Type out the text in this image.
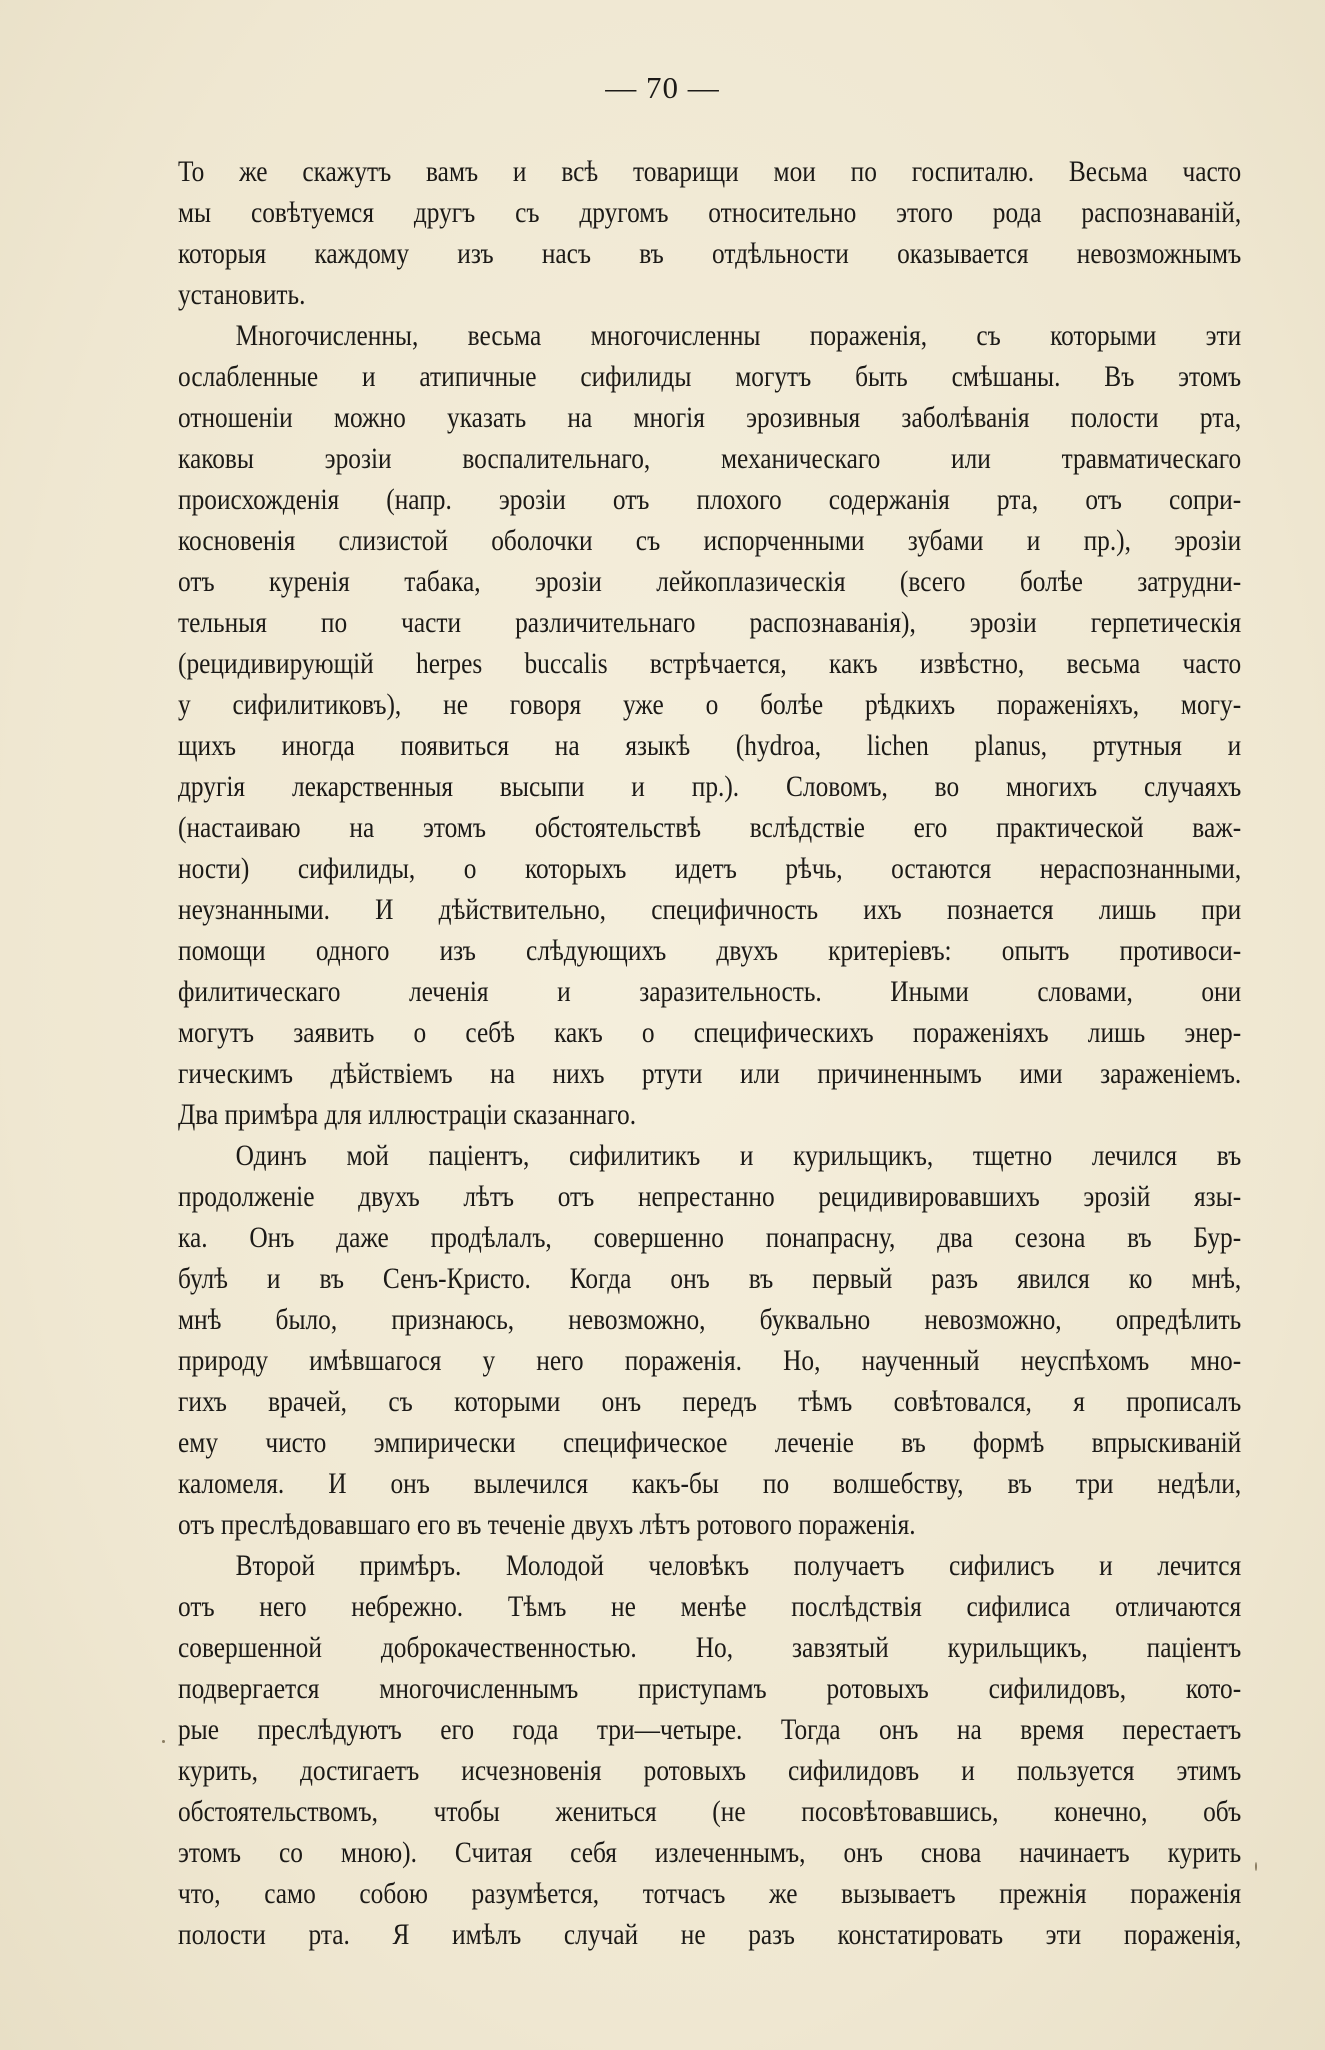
— 70 —
То же скажутъ вамъ и всѣ товарищи мои по госпиталю. Весьма часто
мы совѣтуемся другъ съ другомъ относительно этого рода распознаваній,
которыя каждому изъ насъ въ отдѣльности оказывается невозможнымъ
установить.
Многочисленны, весьма многочисленны пораженія, съ которыми эти
ослабленные и атипичные сифилиды могутъ быть смѣшаны. Въ этомъ
отношеніи можно указать на многія эрозивныя заболѣванія полости рта,
каковы эрозіи воспалительнаго, механическаго или травматическаго
происхожденія (напр. эрозіи отъ плохого содержанія рта, отъ сопри-
косновенія слизистой оболочки съ испорченными зубами и пр.), эрозіи
отъ куренія табака, эрозіи лейкоплазическія (всего болѣе затрудни-
тельныя по части различительнаго распознаванія), эрозіи герпетическія
(рецидивирующій herpes buccalis встрѣчается, какъ извѣстно, весьма часто
у сифилитиковъ), не говоря уже о болѣе рѣдкихъ пораженіяхъ, могу-
щихъ иногда появиться на языкѣ (hydroa, lichen planus, ртутныя и
другія лекарственныя высыпи и пр.). Словомъ, во многихъ случаяхъ
(настаиваю на этомъ обстоятельствѣ вслѣдствіе его практической важ-
ности) сифилиды, о которыхъ идетъ рѣчь, остаются нераспознанными,
неузнанными. И дѣйствительно, специфичность ихъ познается лишь при
помощи одного изъ слѣдующихъ двухъ критеріевъ: опытъ противоси-
филитическаго леченія и заразительность. Иными словами, они
могутъ заявить о себѣ какъ о специфическихъ пораженіяхъ лишь энер-
гическимъ дѣйствіемъ на нихъ ртути или причиненнымъ ими зараженіемъ.
Два примѣра для иллюстраціи сказаннаго.
Одинъ мой паціентъ, сифилитикъ и курильщикъ, тщетно лечился въ
продолженіе двухъ лѣтъ отъ непрестанно рецидивировавшихъ эрозій язы-
ка. Онъ даже продѣлалъ, совершенно понапрасну, два сезона въ Бур-
булѣ и въ Сенъ-Кристо. Когда онъ въ первый разъ явился ко мнѣ,
мнѣ было, признаюсь, невозможно, буквально невозможно, опредѣлить
природу имѣвшагося у него пораженія. Но, наученный неуспѣхомъ мно-
гихъ врачей, съ которыми онъ передъ тѣмъ совѣтовался, я прописалъ
ему чисто эмпирически специфическое леченіе въ формѣ впрыскиваній
каломеля. И онъ вылечился какъ-бы по волшебству, въ три недѣли,
отъ преслѣдовавшаго его въ теченіе двухъ лѣтъ ротового пораженія.
Второй примѣръ. Молодой человѣкъ получаетъ сифилисъ и лечится
отъ него небрежно. Тѣмъ не менѣе послѣдствія сифилиса отличаются
совершенной доброкачественностью. Но, завзятый курильщикъ, паціентъ
подвергается многочисленнымъ приступамъ ротовыхъ сифилидовъ, кото-
рые преслѣдуютъ его года три—четыре. Тогда онъ на время перестаетъ
курить, достигаетъ исчезновенія ротовыхъ сифилидовъ и пользуется этимъ
обстоятельствомъ, чтобы жениться (не посовѣтовавшись, конечно, объ
этомъ со мною). Считая себя излеченнымъ, онъ снова начинаетъ курить
что, само собою разумѣется, тотчасъ же вызываетъ прежнія пораженія
полости рта. Я имѣлъ случай не разъ констатировать эти пораженія,
